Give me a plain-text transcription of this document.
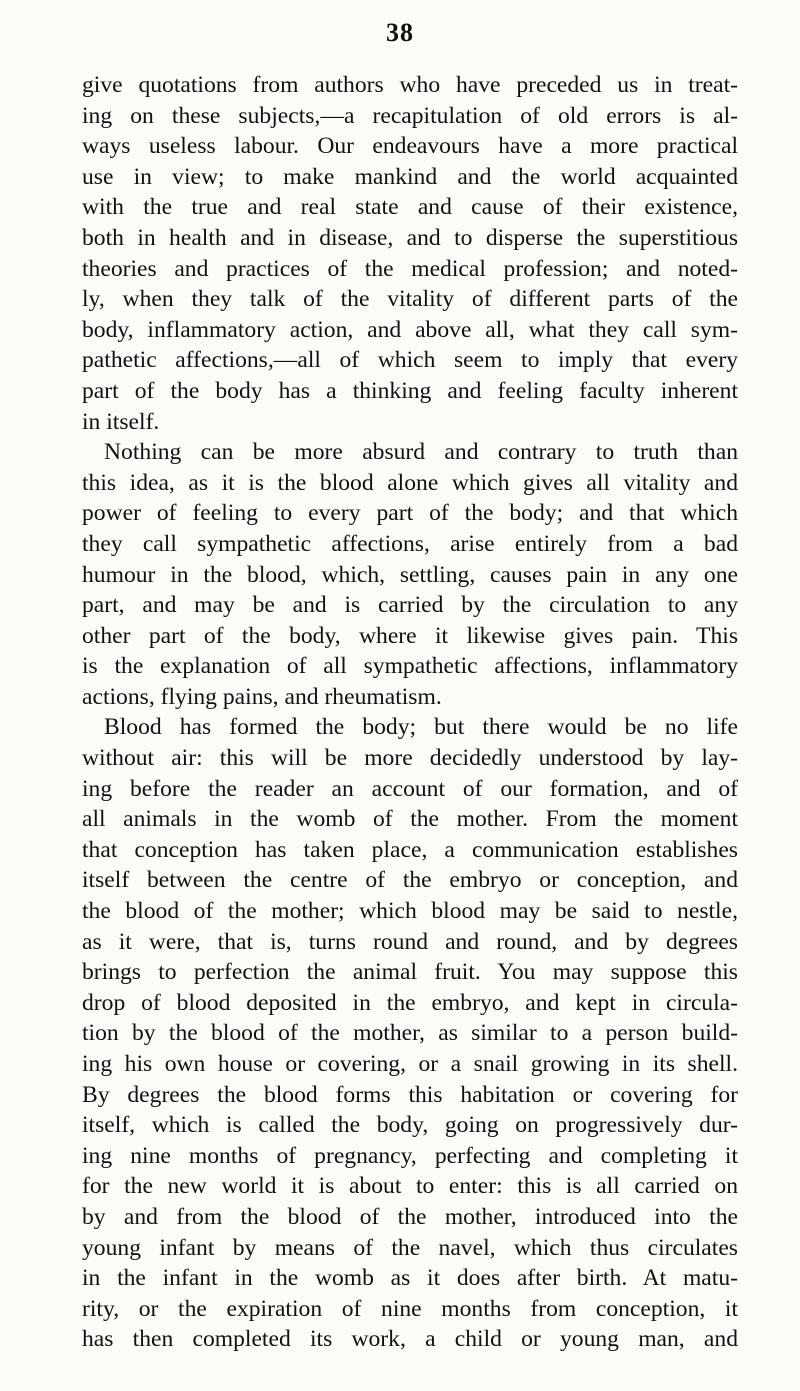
38

give quotations from authors who have preceded us in treat-
ing on these subjects,—a recapitulation of old errors is al-
ways useless labour. Our endeavours have a more practical
use in view; to make mankind and the world acquainted
with the true and real state and cause of their existence,
both in health and in disease, and to disperse the superstitious
theories and practices of the medical profession; and noted-
ly, when they talk of the vitality of different parts of the
body, inflammatory action, and above all, what they call sym-
pathetic affections,—all of which seem to imply that every
part of the body has a thinking and feeling faculty inherent
in itself.

Nothing can be more absurd and contrary to truth than
this idea, as it is the blood alone which gives all vitality and
power of feeling to every part of the body; and that which
they call sympathetic affections, arise entirely from a bad
humour in the blood, which, settling, causes pain in any one
part, and may be and is carried by the circulation to any
other part of the body, where it likewise gives pain. This
is the explanation of all sympathetic affections, inflammatory
actions, flying pains, and rheumatism.

Blood has formed the body; but there would be no life
without air: this will be more decidedly understood by lay-
ing before the reader an account of our formation, and of
all animals in the womb of the mother. From the moment
that conception has taken place, a communication establishes
itself between the centre of the embryo or conception, and
the blood of the mother; which blood may be said to nestle,
as it were, that is, turns round and round, and by degrees
brings to perfection the animal fruit. You may suppose this
drop of blood deposited in the embryo, and kept in circula-
tion by the blood of the mother, as similar to a person build-
ing his own house or covering, or a snail growing in its shell.
By degrees the blood forms this habitation or covering for
itself, which is called the body, going on progressively dur-
ing nine months of pregnancy, perfecting and completing it
for the new world it is about to enter: this is all carried on
by and from the blood of the mother, introduced into the
young infant by means of the navel, which thus circulates
in the infant in the womb as it does after birth. At matu-
rity, or the expiration of nine months from conception, it
has then completed its work, a child or young man, and
